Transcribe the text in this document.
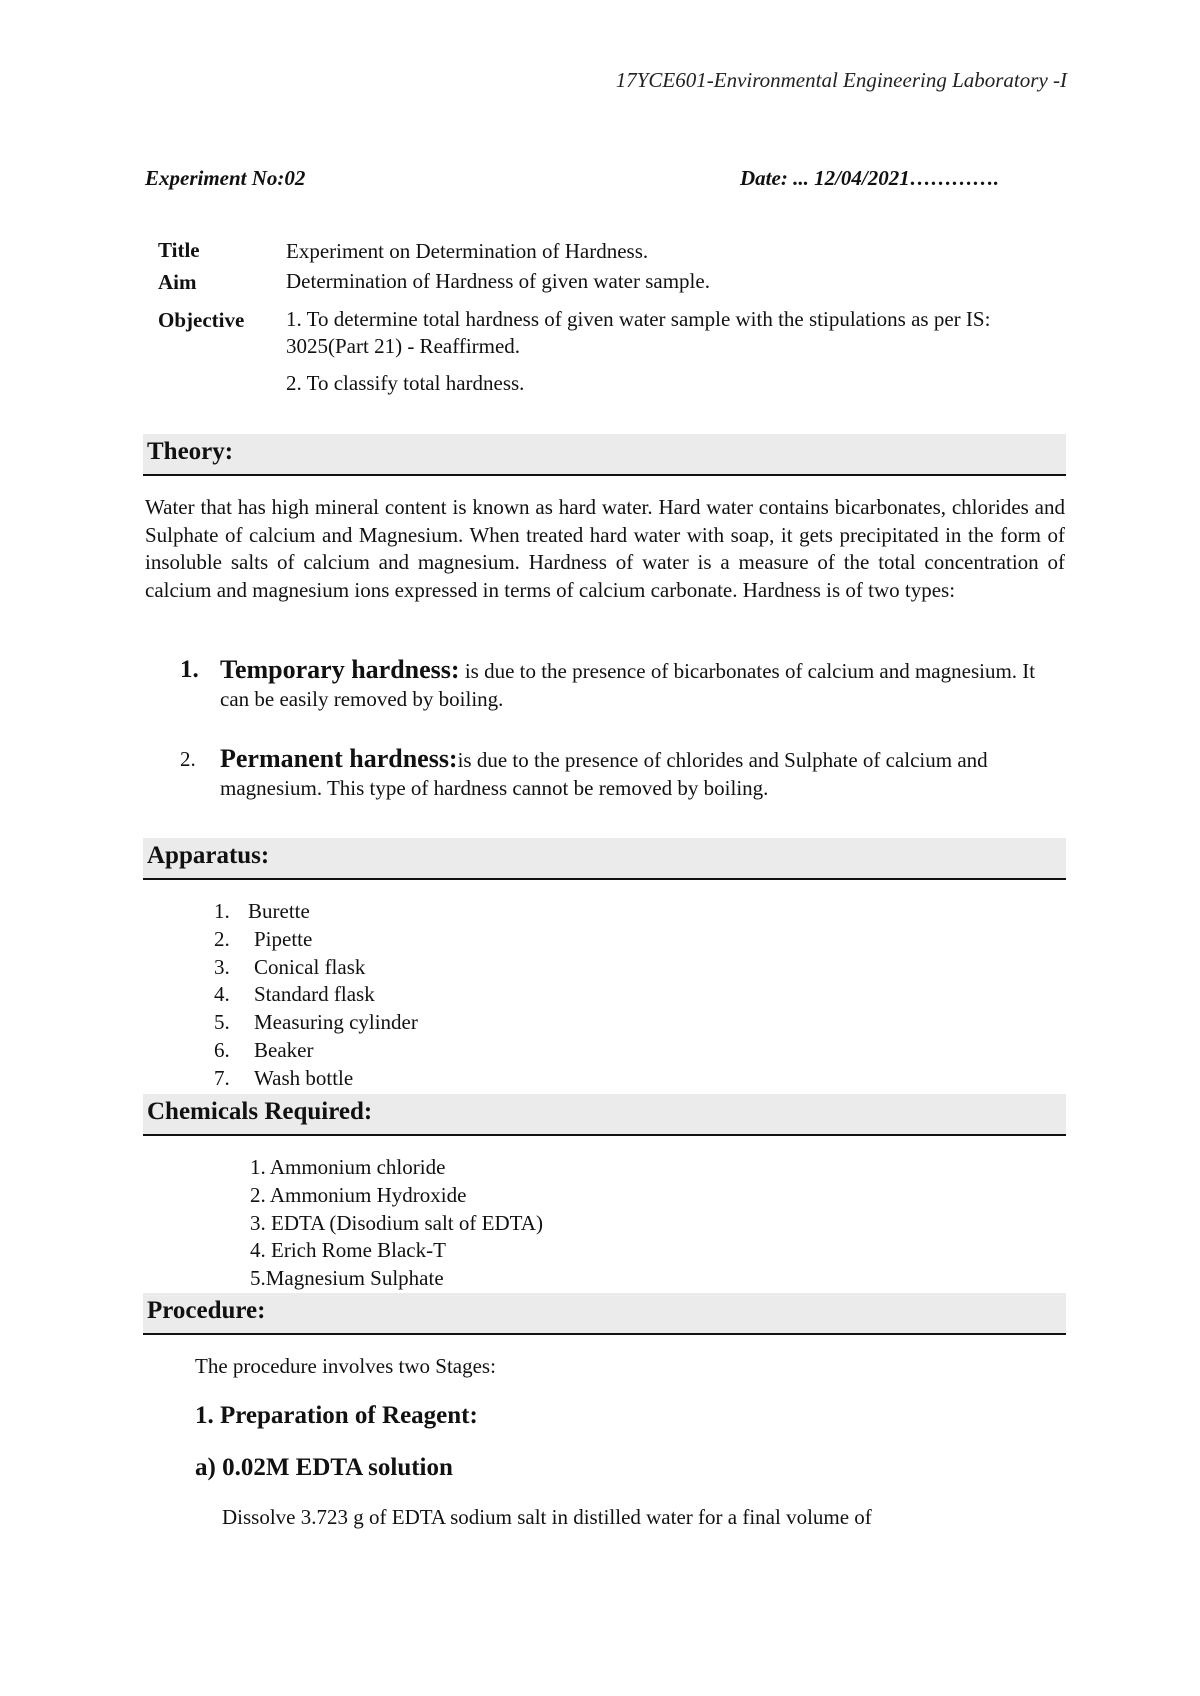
17YCE601-Environmental Engineering Laboratory -I
Experiment No:02	Date: ... 12/04/2021………….
Title	Experiment on Determination of Hardness.
Aim	Determination of Hardness of given water sample.
Objective 1. To determine total hardness of given water sample with the stipulations as per IS: 3025(Part 21) - Reaffirmed.
2. To classify total hardness.
Theory:
Water that has high mineral content is known as hard water. Hard water contains bicarbonates, chlorides and Sulphate of calcium and Magnesium. When treated hard water with soap, it gets precipitated in the form of insoluble salts of calcium and magnesium. Hardness of water is a measure of the total concentration of calcium and magnesium ions expressed in terms of calcium carbonate. Hardness is of two types:
1. Temporary hardness: is due to the presence of bicarbonates of calcium and magnesium. It can be easily removed by boiling.
2. Permanent hardness:is due to the presence of chlorides and Sulphate of calcium and magnesium. This type of hardness cannot be removed by boiling.
Apparatus:
1. Burette
2. Pipette
3. Conical flask
4. Standard flask
5. Measuring cylinder
6. Beaker
7. Wash bottle
Chemicals Required:
1. Ammonium chloride
2. Ammonium Hydroxide
3. EDTA (Disodium salt of EDTA)
4. Erich Rome Black-T
5.Magnesium Sulphate
Procedure:
The procedure involves two Stages:
1. Preparation of Reagent:
a) 0.02M EDTA solution
Dissolve 3.723 g of EDTA sodium salt in distilled water for a final volume of
